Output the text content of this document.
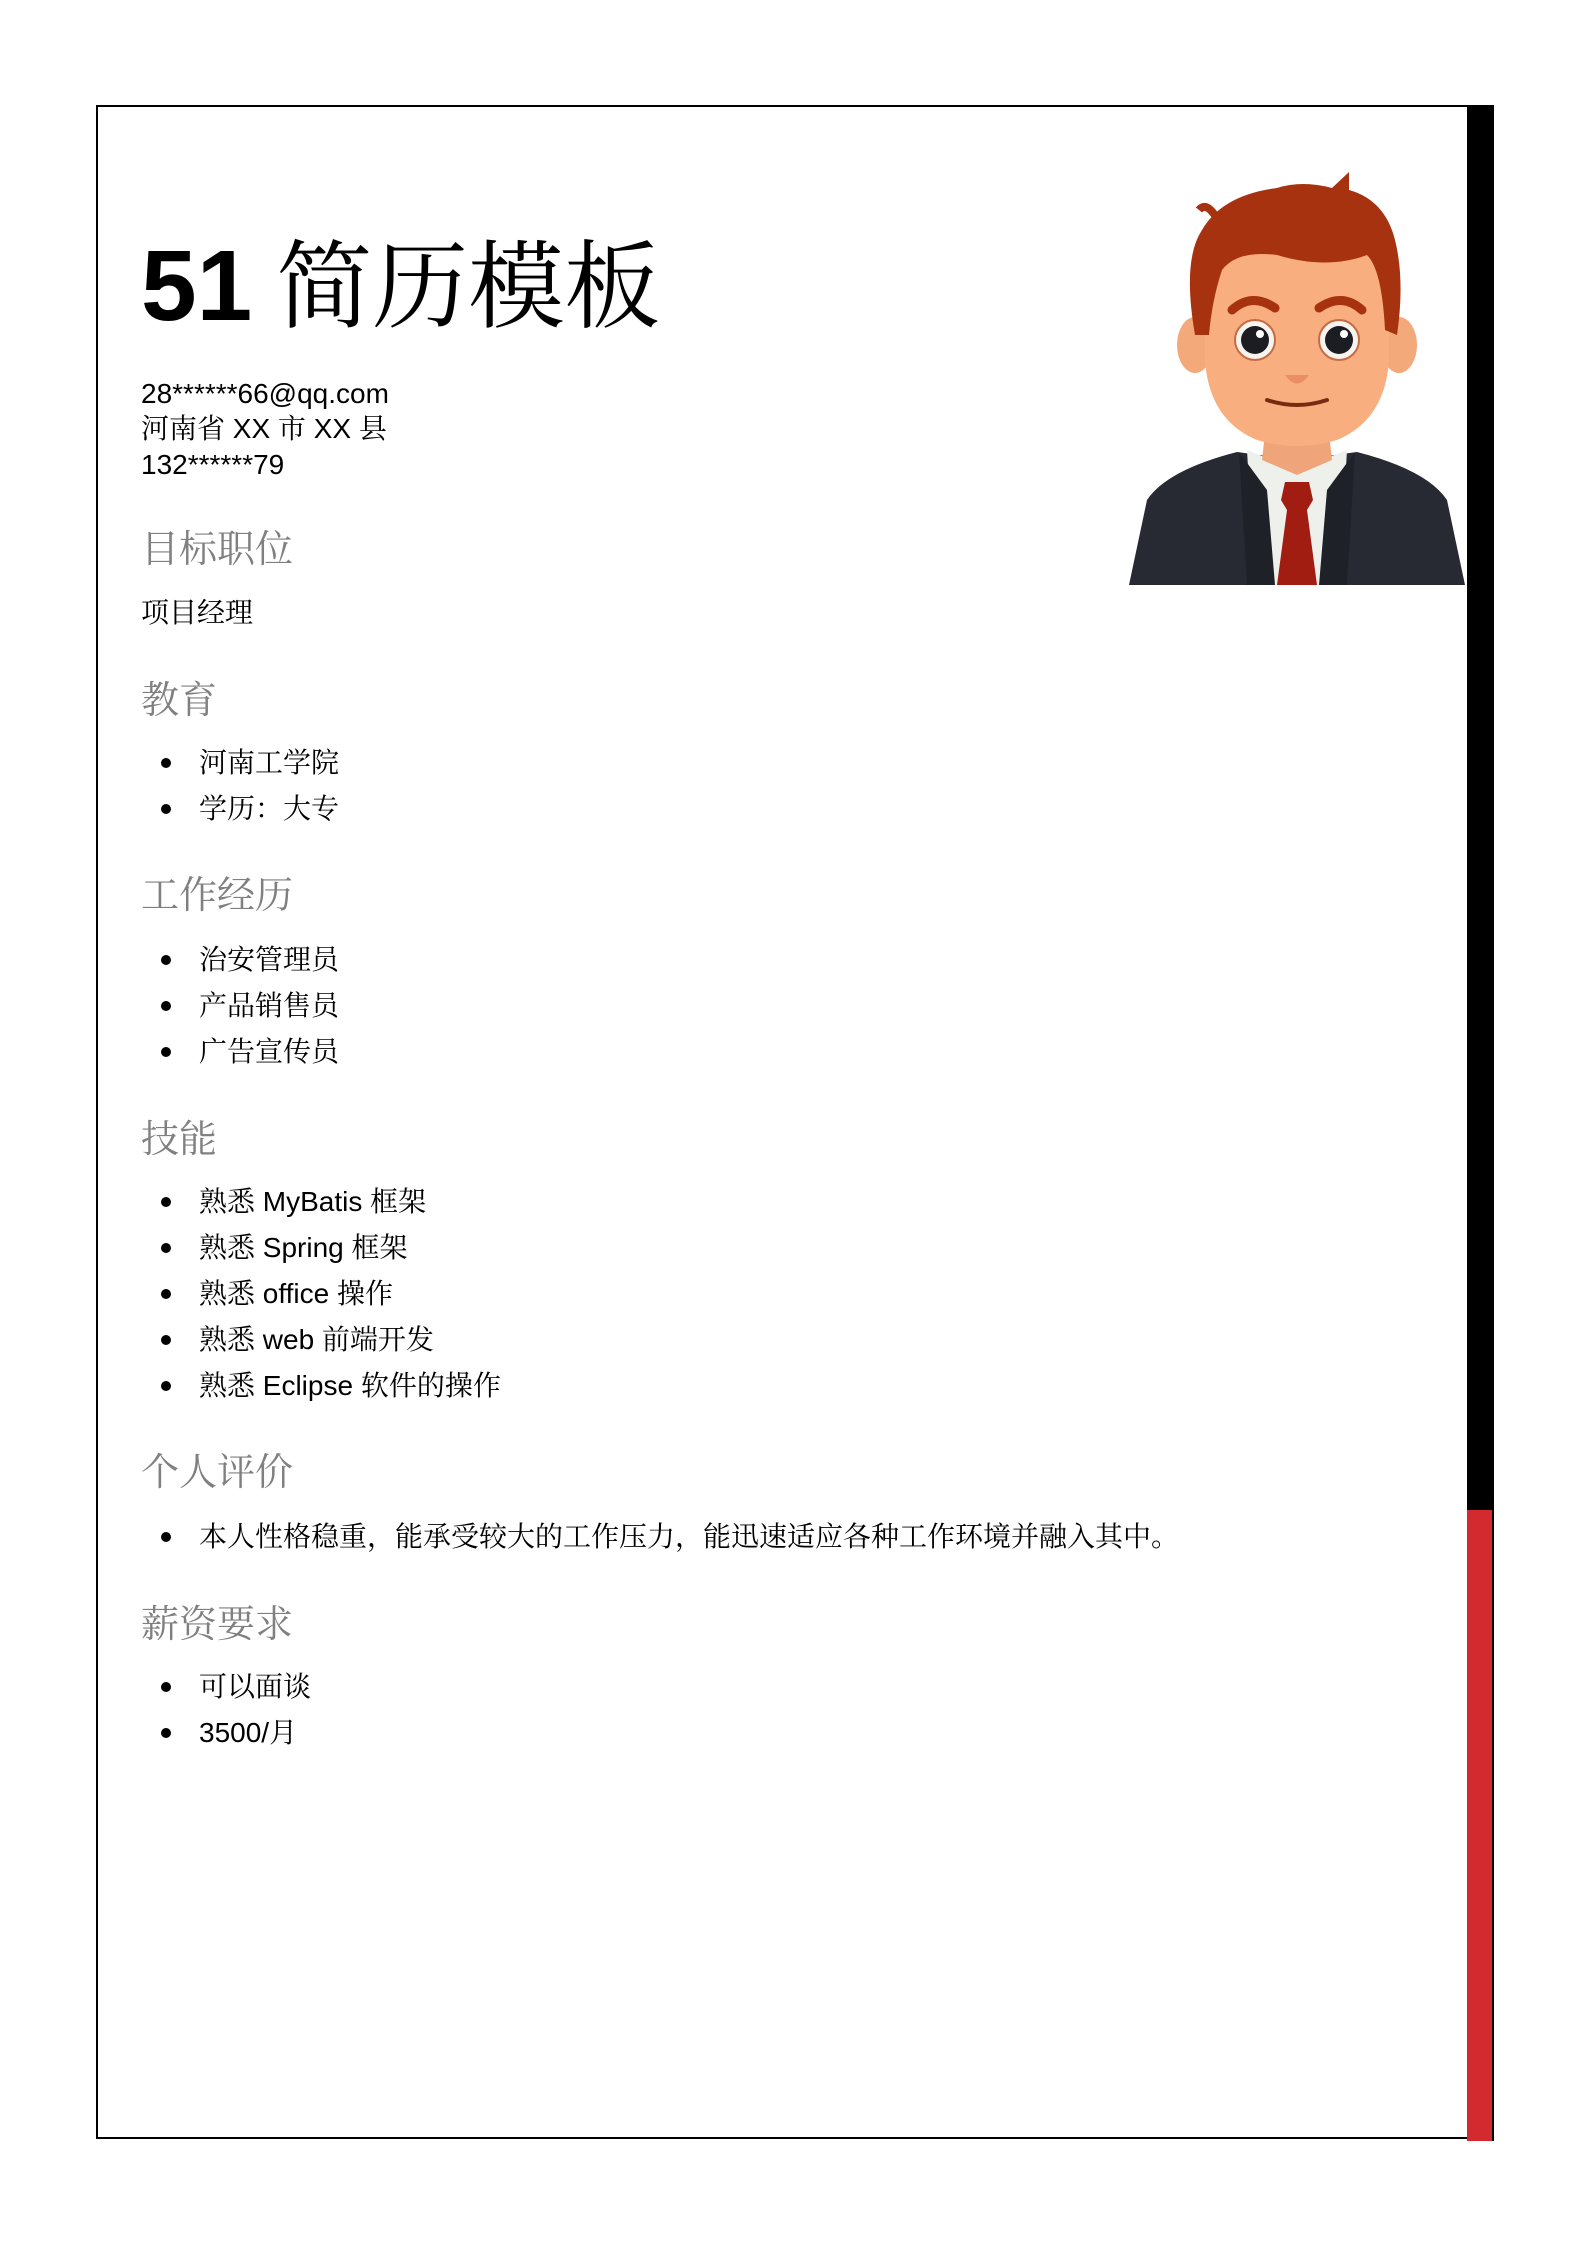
51 简历模板
28******66@qq.com
河南省 XX 市 XX 县
132******79
目标职位
项目经理
教育
河南工学院
学历：大专
工作经历
治安管理员
产品销售员
广告宣传员
技能
熟悉 MyBatis 框架
熟悉 Spring 框架
熟悉 office 操作
熟悉 web 前端开发
熟悉 Eclipse 软件的操作
个人评价
本人性格稳重，能承受较大的工作压力，能迅速适应各种工作环境并融入其中。
薪资要求
可以面谈
3500/月
